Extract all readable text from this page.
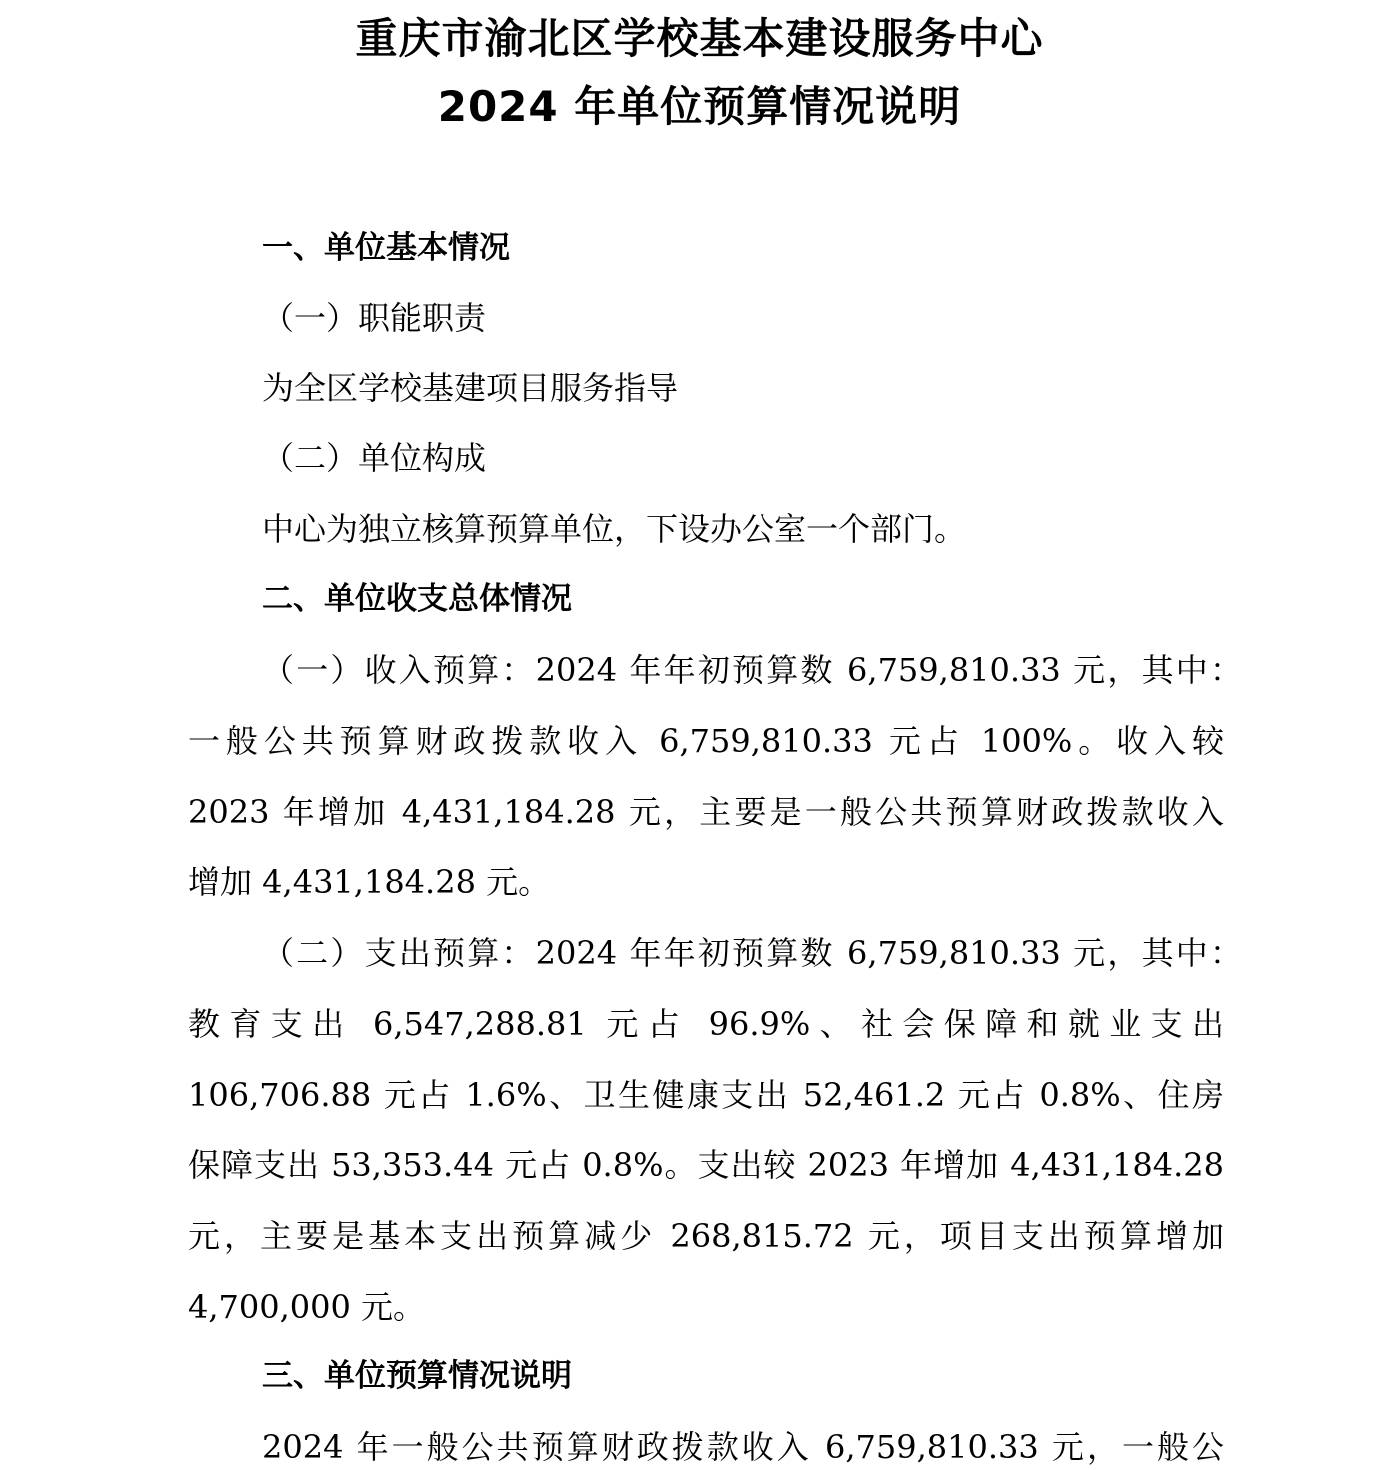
重庆市渝北区学校基本建设服务中心
2024 年单位预算情况说明

一、单位基本情况

（一）职能职责

为全区学校基建项目服务指导

（二）单位构成

中心为独立核算预算单位，下设办公室一个部门。

二、单位收支总体情况

（一）收入预算：2024 年年初预算数 6,759,810.33 元，其中：

一般公共预算财政拨款收入 6,759,810.33 元占 100%。收入较

2023 年增加 4,431,184.28 元，主要是一般公共预算财政拨款收入

增加 4,431,184.28 元。

（二）支出预算：2024 年年初预算数 6,759,810.33 元，其中：

教育支出 6,547,288.81 元占 96.9%、社会保障和就业支出

106,706.88 元占 1.6%、卫生健康支出 52,461.2 元占 0.8%、住房

保障支出 53,353.44 元占 0.8%。支出较 2023 年增加 4,431,184.28

元，主要是基本支出预算减少 268,815.72 元，项目支出预算增加

4,700,000 元。

三、单位预算情况说明

2024 年一般公共预算财政拨款收入 6,759,810.33 元，一般公
